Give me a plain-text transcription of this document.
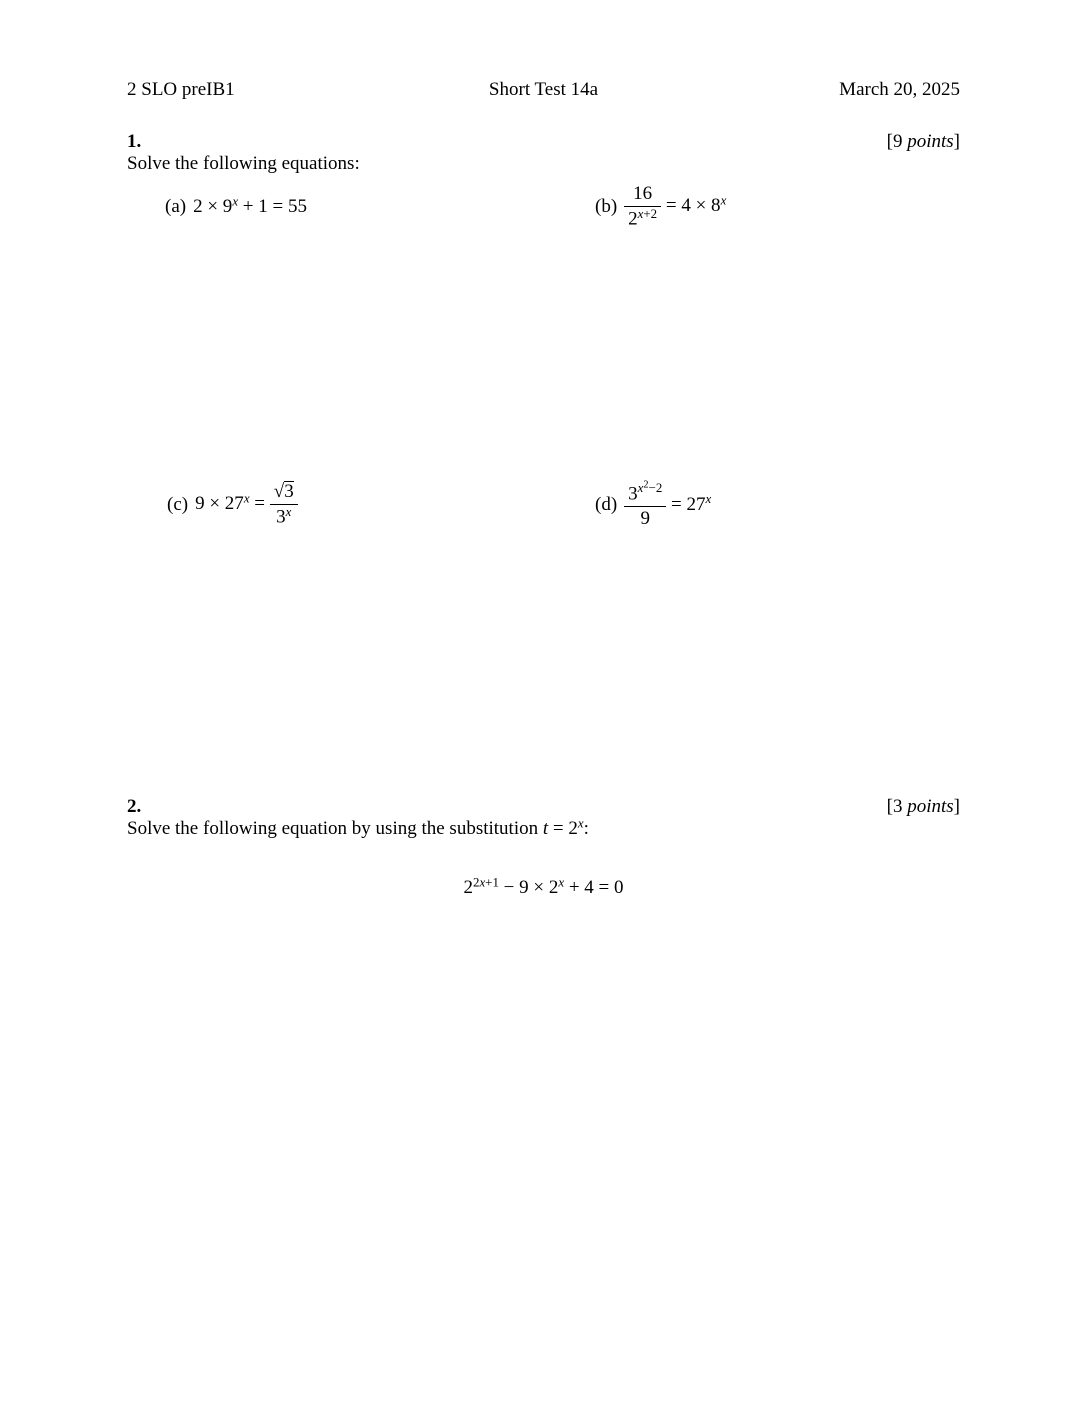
2 SLO preIB1	Short Test 14a	March 20, 2025
1.	[9 points]
Solve the following equations:
(a) $2 \times 9^x + 1 = 55$	$(b) \frac{16}{2^{x+2}} = 4 \times 8^x$
(c) $9 \times 27^x = \frac{√3}{3^x}$	$(d) \frac{3^{x^2-2}}{9} = 27^x$
2.	[3 points]
Solve the following equation by using the substitution $t = 2^x$:
$2^{2x+1} - 9 \times 2^x + 4 = 0$
